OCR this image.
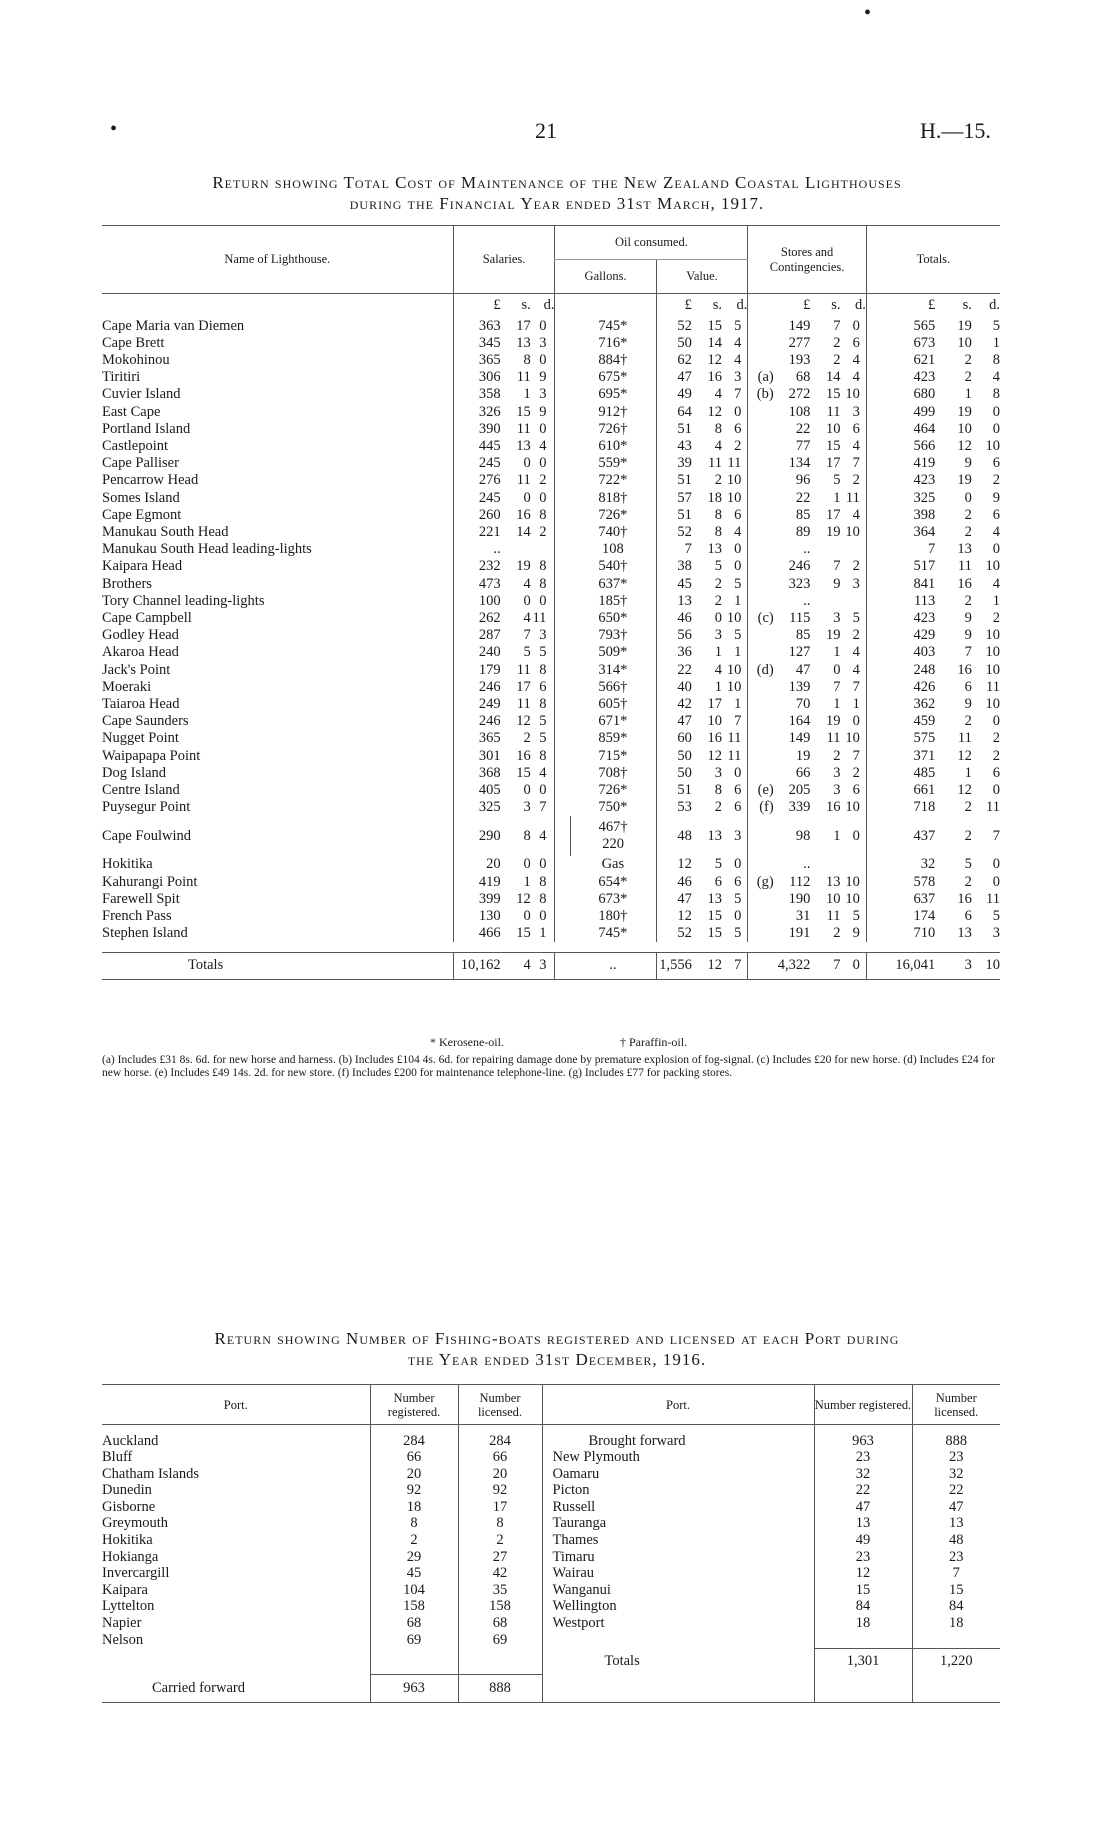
•
•	21	H.—15.
Return showing Total Cost of Maintenance of the New Zealand Coastal Lighthouses
during the Financial Year ended 31st March, 1917.
Name of Lighthouse.	Salaries.			Oil consumed.					Stores and Contingencies.				Totals.		
				Gallons.		Value.									
	£	s.	d.			£	s.	d.		£	s.	d.	£	s.	d.
Cape Maria van Diemen	363	17	0		745*	52	15	5		149	7	0	565	19	5
Cape Brett	345	13	3		716*	50	14	4		277	2	6	673	10	1
Mokohinou	365	8	0		884†	62	12	4		193	2	4	621	2	8
Tiritiri	306	11	9		675*	47	16	3	(a)	68	14	4	423	2	4
Cuvier Island	358	1	3		695*	49	4	7	(b)	272	15	10	680	1	8
East Cape	326	15	9		912†	64	12	0		108	11	3	499	19	0
Portland Island	390	11	0		726†	51	8	6		22	10	6	464	10	0
Castlepoint	445	13	4		610*	43	4	2		77	15	4	566	12	10
Cape Palliser	245	0	0		559*	39	11	11		134	17	7	419	9	6
Pencarrow Head	276	11	2		722*	51	2	10		96	5	2	423	19	2
Somes Island	245	0	0		818†	57	18	10		22	1	11	325	0	9
Cape Egmont	260	16	8		726*	51	8	6		85	17	4	398	2	6
Manukau South Head	221	14	2		740†	52	8	4		89	19	10	364	2	4
Manukau South Head leading-lights	..				108	7	13	0		..			7	13	0
Kaipara Head	232	19	8		540†	38	5	0		246	7	2	517	11	10
Brothers	473	4	8		637*	45	2	5		323	9	3	841	16	4
Tory Channel leading-lights	100	0	0		185†	13	2	1		..			113	2	1
Cape Campbell	262	4	11		650*	46	0	10	(c)	115	3	5	423	9	2
Godley Head	287	7	3		793†	56	3	5		85	19	2	429	9	10
Akaroa Head	240	5	5		509*	36	1	1		127	1	4	403	7	10
Jack's Point	179	11	8		314*	22	4	10	(d)	47	0	4	248	16	10
Moeraki	246	17	6		566†	40	1	10		139	7	7	426	6	11
Taiaroa Head	249	11	8		605†	42	17	1		70	1	1	362	9	10
Cape Saunders	246	12	5		671*	47	10	7		164	19	0	459	2	0
Nugget Point	365	2	5		859*	60	16	11		149	11	10	575	11	2
Waipapapa Point	301	16	8		715*	50	12	11		19	2	7	371	12	2
Dog Island	368	15	4		708†	50	3	0		66	3	2	485	1	6
Centre Island	405	0	0		726*	51	8	6	(e)	205	3	6	661	12	0
Puysegur Point	325	3	7		750*	53	2	6	(f)	339	16	10	718	2	11
Cape Foulwind	290	8	4		467†
220	48	13	3		98	1	0	437	2	7
Hokitika	20	0	0		Gas	12	5	0		..			32	5	0
Kahurangi Point	419	1	8		654*	46	6	6	(g)	112	13	10	578	2	0
Farewell Spit	399	12	8		673*	47	13	5		190	10	10	637	16	11
French Pass	130	0	0		180†	12	15	0		31	11	5	174	6	5
Stephen Island	466	15	1		745*	52	15	5		191	2	9	710	13	3

Totals	10,162	4	3		..	1,556	12	7		4,322	7	0	16,041	3	10
* Kerosene-oil.	† Paraffin-oil.
(a) Includes £31 8s. 6d. for new horse and harness. (b) Includes £104 4s. 6d. for repairing damage done by premature explosion of fog-signal. (c) Includes £20 for new horse. (d) Includes £24 for new horse. (e) Includes £49 14s. 2d. for new store. (f) Includes £200 for maintenance telephone-line. (g) Includes £77 for packing stores.
Return showing Number of Fishing-boats registered and licensed at each Port during
the Year ended 31st December, 1916.
Port.	Number registered.	Number licensed.	Port.	Number registered.	Number licensed.

Auckland	284	284	Brought forward	963	888
Bluff	66	66	New Plymouth	23	23
Chatham Islands	20	20	Oamaru	32	32
Dunedin	92	92	Picton	22	22
Gisborne	18	17	Russell	47	47
Greymouth	8	8	Tauranga	13	13
Hokitika	2	2	Thames	49	48
Hokianga	29	27	Timaru	23	23
Invercargill	45	42	Wairau	12	7
Kaipara	104	35	Wanganui	15	15
Lyttelton	158	158	Wellington	84	84
Napier	68	68	Westport	18	18
Nelson	69	69			
			Totals	1,301	1,220
Carried forward	963	888			
